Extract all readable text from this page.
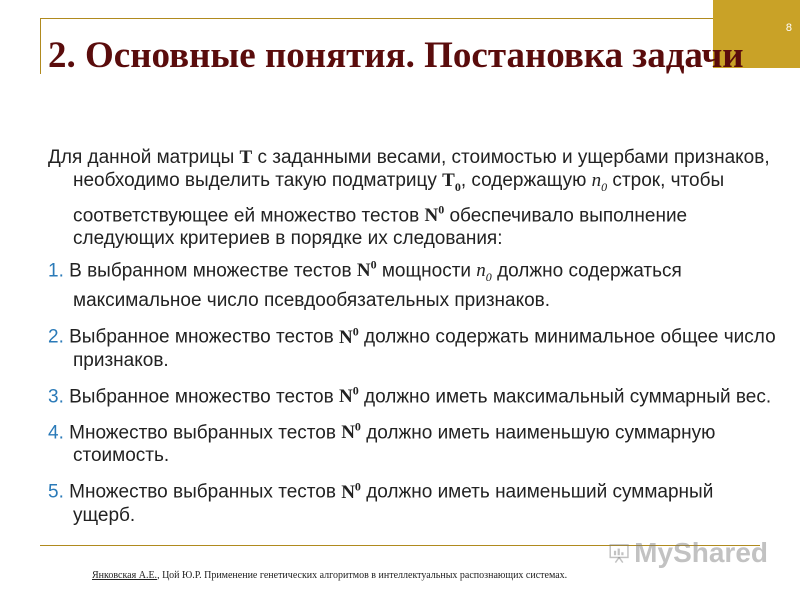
8
2. Основные понятия. Постановка задачи

Для данной матрицы T с заданными весами, стоимостью и ущербами признаков, необходимо выделить такую подматрицу $T_0$, содержащую $n_0$ строк, чтобы соответствующее ей множество тестов $N^0$ обеспечивало выполнение следующих критериев в порядке их следования:

1. В выбранном множестве тестов $N^0$ мощности $n_0$ должно содержаться максимальное число псевдообязательных признаков.

2. Выбранное множество тестов $N^0$ должно содержать минимальное общее число признаков.

3. Выбранное множество тестов $N^0$ должно иметь максимальный суммарный вес.

4. Множество выбранных тестов $N^0$ должно иметь наименьшую суммарную стоимость.

5. Множество выбранных тестов $N^0$ должно иметь наименьший суммарный ущерб.

MyShared
Янковская А.Е., Цой Ю.Р. Применение генетических алгоритмов в интеллектуальных распознающих системах.
